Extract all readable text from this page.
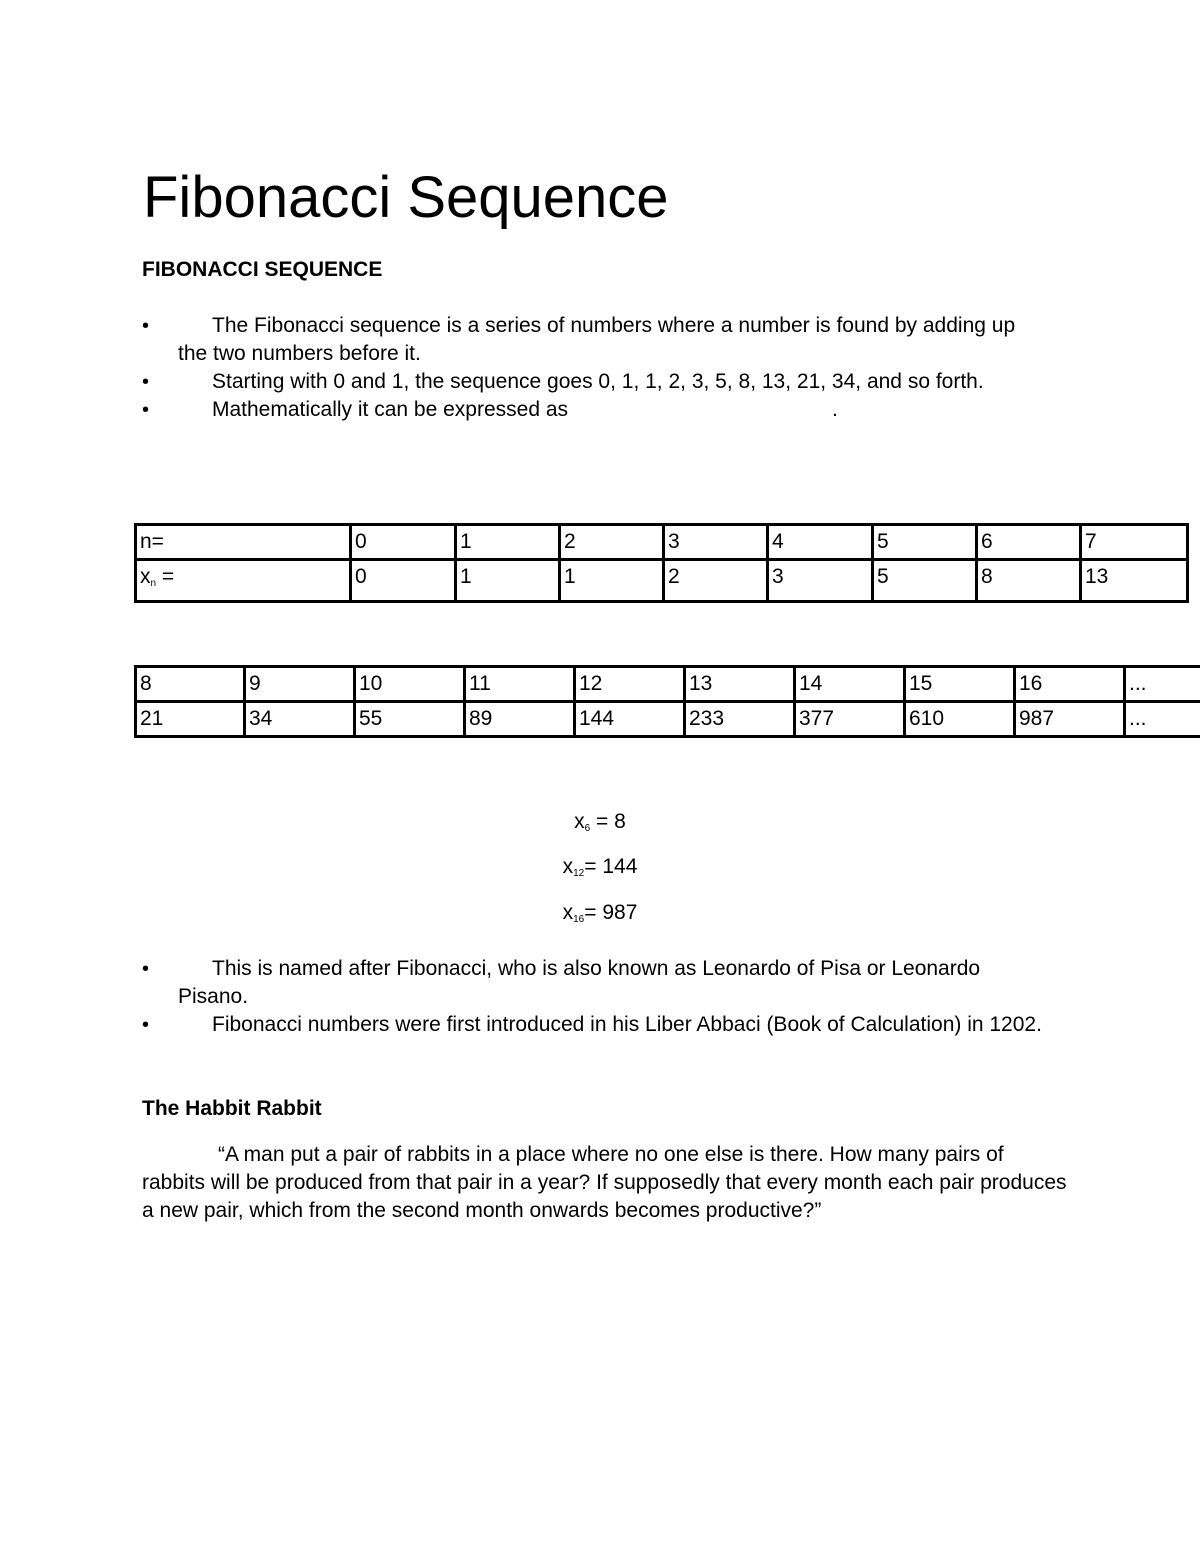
Fibonacci Sequence
FIBONACCI SEQUENCE
•	The Fibonacci sequence is a series of numbers where a number is found by adding up the two numbers before it.
•	Starting with 0 and 1, the sequence goes 0, 1, 1, 2, 3, 5, 8, 13, 21, 34, and so forth.
•	Mathematically it can be expressed as	.
n=	0	1	2	3	4	5	6	7
xn =	0	1	1	2	3	5	8	13
8	9	10	11	12	13	14	15	16	...
21	34	55	89	144	233	377	610	987	...
x6 = 8
x12= 144
x16= 987
•	This is named after Fibonacci, who is also known as Leonardo of Pisa or Leonardo Pisano.
•	Fibonacci numbers were first introduced in his Liber Abbaci (Book of Calculation) in 1202.
The Habbit Rabbit
“A man put a pair of rabbits in a place where no one else is there. How many pairs of rabbits will be produced from that pair in a year? If supposedly that every month each pair produces a new pair, which from the second month onwards becomes productive?”
